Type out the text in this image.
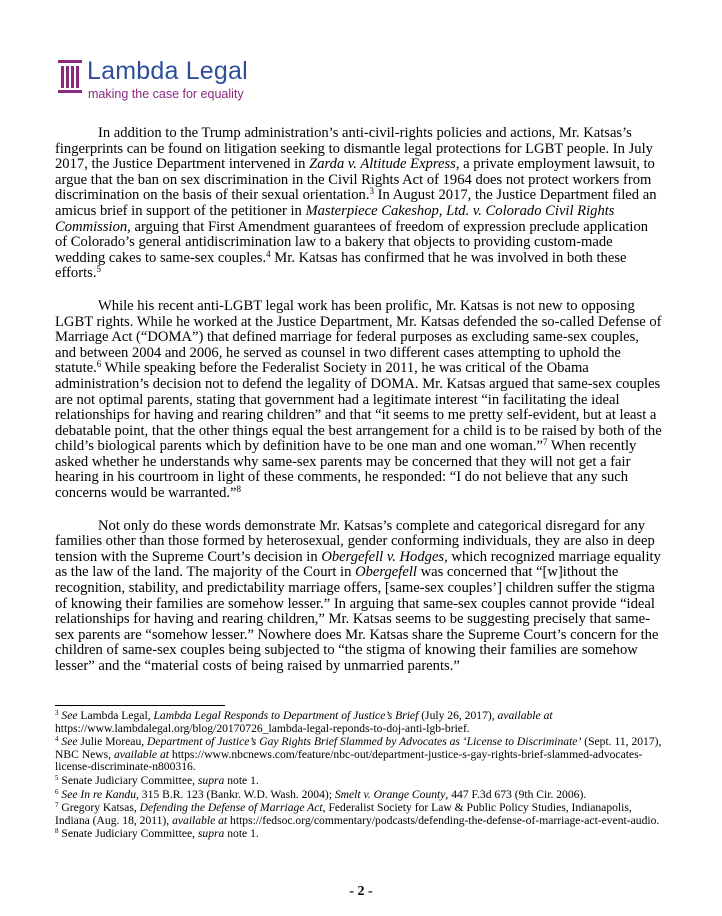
Lambda Legal
making the case for equality

In addition to the Trump administration’s anti-civil-rights policies and actions, Mr. Katsas’s fingerprints can be found on litigation seeking to dismantle legal protections for LGBT people. In July 2017, the Justice Department intervened in Zarda v. Altitude Express, a private employment lawsuit, to argue that the ban on sex discrimination in the Civil Rights Act of 1964 does not protect workers from discrimination on the basis of their sexual orientation.$^3$ In August 2017, the Justice Department filed an amicus brief in support of the petitioner in Masterpiece Cakeshop, Ltd. v. Colorado Civil Rights Commission, arguing that First Amendment guarantees of freedom of expression preclude application of Colorado’s general antidiscrimination law to a bakery that objects to providing custom-made wedding cakes to same-sex couples.$^4$ Mr. Katsas has confirmed that he was involved in both these efforts.$^5$

While his recent anti-LGBT legal work has been prolific, Mr. Katsas is not new to opposing LGBT rights. While he worked at the Justice Department, Mr. Katsas defended the so-called Defense of Marriage Act (“DOMA”) that defined marriage for federal purposes as excluding same-sex couples, and between 2004 and 2006, he served as counsel in two different cases attempting to uphold the statute.$^6$ While speaking before the Federalist Society in 2011, he was critical of the Obama administration’s decision not to defend the legality of DOMA. Mr. Katsas argued that same-sex couples are not optimal parents, stating that government had a legitimate interest “in facilitating the ideal relationships for having and rearing children” and that “it seems to me pretty self-evident, but at least a debatable point, that the other things equal the best arrangement for a child is to be raised by both of the child’s biological parents which by definition have to be one man and one woman.”$^7$ When recently asked whether he understands why same-sex parents may be concerned that they will not get a fair hearing in his courtroom in light of these comments, he responded: “I do not believe that any such concerns would be warranted.”$^8$

Not only do these words demonstrate Mr. Katsas’s complete and categorical disregard for any families other than those formed by heterosexual, gender conforming individuals, they are also in deep tension with the Supreme Court’s decision in Obergefell v. Hodges, which recognized marriage equality as the law of the land. The majority of the Court in Obergefell was concerned that “[w]ithout the recognition, stability, and predictability marriage offers, [same-sex couples’] children suffer the stigma of knowing their families are somehow lesser.” In arguing that same-sex couples cannot provide “ideal relationships for having and rearing children,” Mr. Katsas seems to be suggesting precisely that same-sex parents are “somehow lesser.” Nowhere does Mr. Katsas share the Supreme Court’s concern for the children of same-sex couples being subjected to “the stigma of knowing their families are somehow lesser” and the “material costs of being raised by unmarried parents.”

$^3$ See Lambda Legal, Lambda Legal Responds to Department of Justice’s Brief (July 26, 2017), available at https://www.lambdalegal.org/blog/20170726_lambda-legal-reponds-to-doj-anti-lgb-brief.
$^4$ See Julie Moreau, Department of Justice’s Gay Rights Brief Slammed by Advocates as ‘License to Discriminate’ (Sept. 11, 2017), NBC News, available at https://www.nbcnews.com/feature/nbc-out/department-justice-s-gay-rights-brief-slammed-advocates-license-discriminate-n800316.
$^5$ Senate Judiciary Committee, supra note 1.
$^6$ See In re Kandu, 315 B.R. 123 (Bankr. W.D. Wash. 2004); Smelt v. Orange County, 447 F.3d 673 (9th Cir. 2006).
$^7$ Gregory Katsas, Defending the Defense of Marriage Act, Federalist Society for Law & Public Policy Studies, Indianapolis, Indiana (Aug. 18, 2011), available at https://fedsoc.org/commentary/podcasts/defending-the-defense-of-marriage-act-event-audio.
$^8$ Senate Judiciary Committee, supra note 1.
- 2 -
